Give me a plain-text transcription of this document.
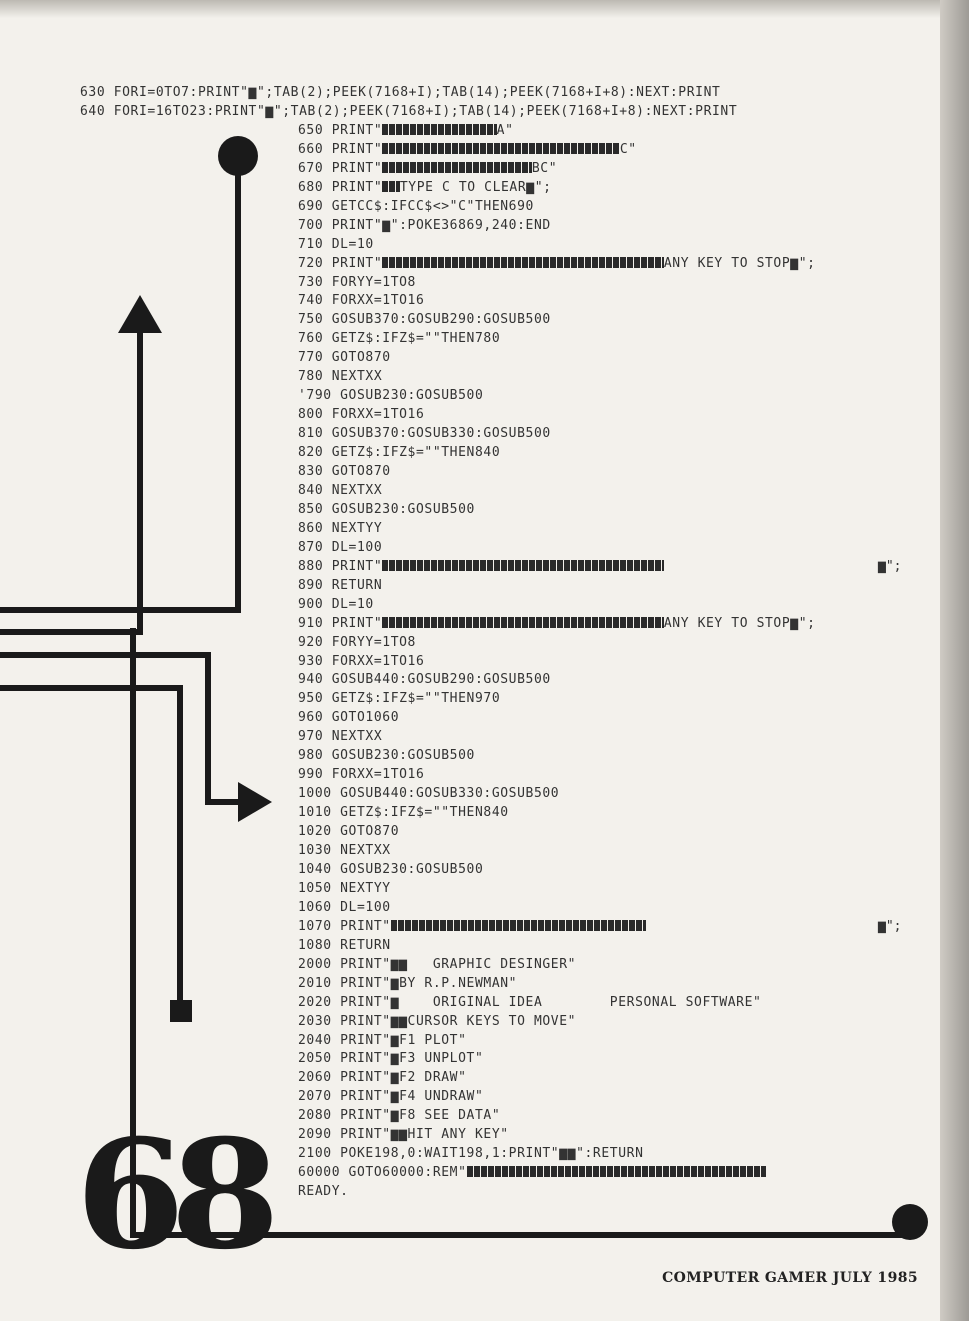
630 FORI=0TO7:PRINT"▆";TAB(2);PEEK(7168+I);TAB(14);PEEK(7168+I+8):NEXT:PRINT
640 FORI=16TO23:PRINT"▆";TAB(2);PEEK(7168+I);TAB(14);PEEK(7168+I+8):NEXT:PRINT
650 PRINT"	A"
660 PRINT"	C"
670 PRINT"	BC"
680 PRINT" TYPE C TO CLEAR▆";
690 GETCC$:IFCC$<>"C"THEN690
700 PRINT"▆":POKE36869,240:END
710 DL=10
720 PRINT"	ANY KEY TO STOP▆";
730 FORYY=1TO8
740 FORXX=1TO16
750 GOSUB370:GOSUB290:GOSUB500
760 GETZ$:IFZ$=""THEN780
770 GOTO870
780 NEXTXX
'790 GOSUB230:GOSUB500
800 FORXX=1TO16
810 GOSUB370:GOSUB330:GOSUB500
820 GETZ$:IFZ$=""THEN840
830 GOTO870
840 NEXTXX
850 GOSUB230:GOSUB500
860 NEXTYY
870 DL=100
880 PRINT"
890 RETURN
900 DL=10
910 PRINT"	ANY KEY TO STOP▆";
920 FORYY=1TO8
930 FORXX=1TO16
940 GOSUB440:GOSUB290:GOSUB500
950 GETZ$:IFZ$=""THEN970
960 GOTO1060
970 NEXTXX
980 GOSUB230:GOSUB500
990 FORXX=1TO16
1000 GOSUB440:GOSUB330:GOSUB500
1010 GETZ$:IFZ$=""THEN840
1020 GOTO870
1030 NEXTXX
1040 GOSUB230:GOSUB500
1050 NEXTYY
1060 DL=100
1070 PRINT"
1080 RETURN
2000 PRINT"▆▆   GRAPHIC DESINGER"
2010 PRINT"▆BY R.P.NEWMAN"
2020 PRINT"▆    ORIGINAL IDEA        PERSONAL SOFTWARE"
2030 PRINT"▆▆CURSOR KEYS TO MOVE"
2040 PRINT"▆F1 PLOT"
2050 PRINT"▆F3 UNPLOT"
2060 PRINT"▆F2 DRAW"
2070 PRINT"▆F4 UNDRAW"
2080 PRINT"▆F8 SEE DATA"
2090 PRINT"▆▆HIT ANY KEY"
2100 POKE198,0:WAIT198,1:PRINT"▆▆":RETURN
60000 GOTO60000:REM"
READY.
▆";
▆";
68	COMPUTER GAMER JULY 1985
